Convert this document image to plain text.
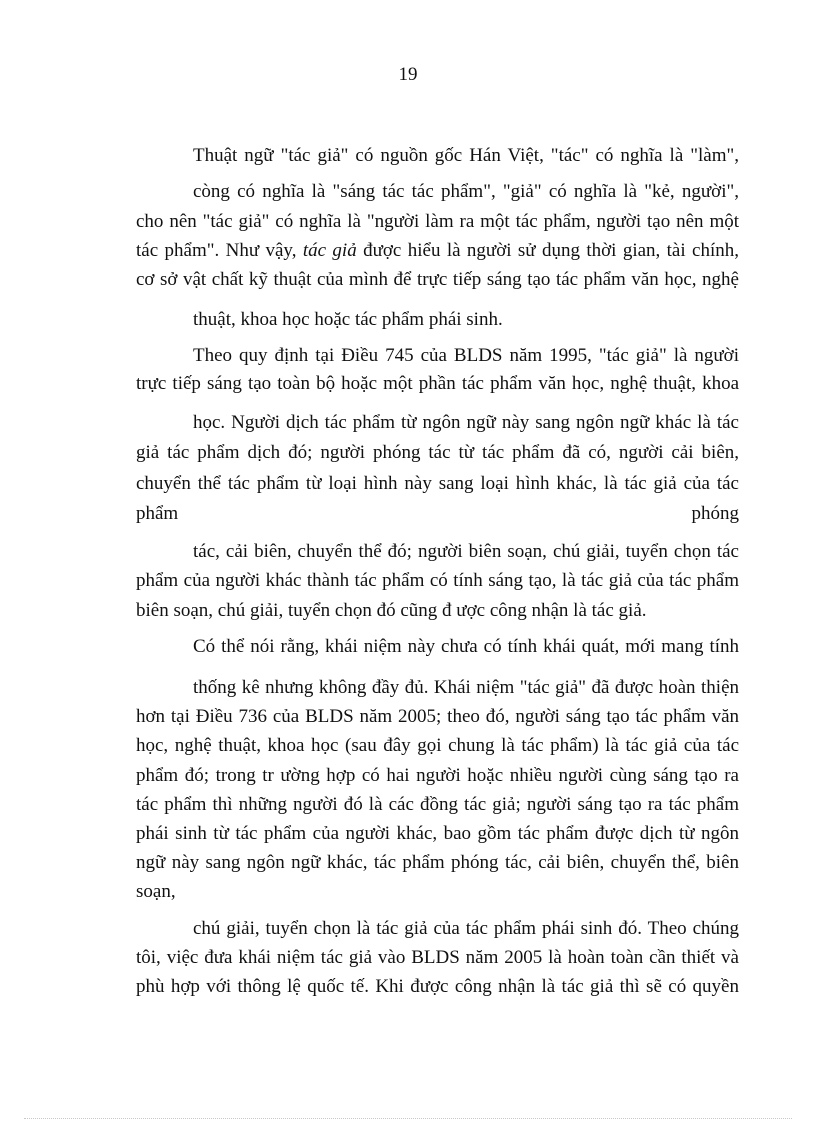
19
Thuật ngữ "tác giả" có nguồn gốc Hán Việt, "tác" có nghĩa là "làm",
còng có nghĩa là "sáng tác tác phẩm", "giả" có nghĩa là "kẻ, người",
cho nên "tác giả" có nghĩa là "người làm ra một tác phẩm, người tạo nên một
tác phẩm". Như vậy, tác giả được hiểu là người sử dụng thời gian, tài chính,
cơ sở vật chất kỹ thuật của mình để trực tiếp sáng tạo tác phẩm văn học, nghệ
thuật, khoa học hoặc tác phẩm phái sinh.
Theo quy định tại Điều 745 của BLDS năm 1995, "tác giả" là người
trực tiếp sáng tạo toàn bộ hoặc một phần tác phẩm văn học, nghệ thuật, khoa
học. Người dịch tác phẩm từ ngôn ngữ này sang ngôn ngữ khác là tác
giả tác phẩm dịch đó; người phóng tác từ tác phẩm đã có, người cải biên,
chuyển thể tác phẩm từ loại hình này sang loại hình khác, là tác giả của tác
phẩm	phóng
tác, cải biên, chuyển thể đó; người biên soạn, chú giải, tuyển chọn tác
phẩm của người khác thành tác phẩm có tính sáng tạo, là tác giả của tác phẩm
biên soạn, chú giải, tuyển chọn đó cũng đ ược công nhận là tác giả.
Có thể nói rằng, khái niệm này chưa có tính khái quát, mới mang tính
thống kê nhưng không đầy đủ. Khái niệm "tác giả" đã được hoàn thiện
hơn tại Điều 736 của BLDS năm 2005; theo đó, người sáng tạo tác phẩm văn
học, nghệ thuật, khoa học (sau đây gọi chung là tác phẩm) là tác giả của tác
phẩm đó; trong tr ường hợp có hai người hoặc nhiều người cùng sáng tạo ra
tác phẩm thì những người đó là các đồng tác giả; người sáng tạo ra tác phẩm
phái sinh từ tác phẩm của người khác, bao gồm tác phẩm được dịch từ ngôn
ngữ này sang ngôn ngữ khác, tác phẩm phóng tác, cải biên, chuyển thể, biên
soạn,
chú giải, tuyển chọn là tác giả của tác phẩm phái sinh đó. Theo chúng
tôi, việc đưa khái niệm tác giả vào BLDS năm 2005 là hoàn toàn cần thiết và
phù hợp với thông lệ quốc tế. Khi được công nhận là tác giả thì sẽ có quyền
